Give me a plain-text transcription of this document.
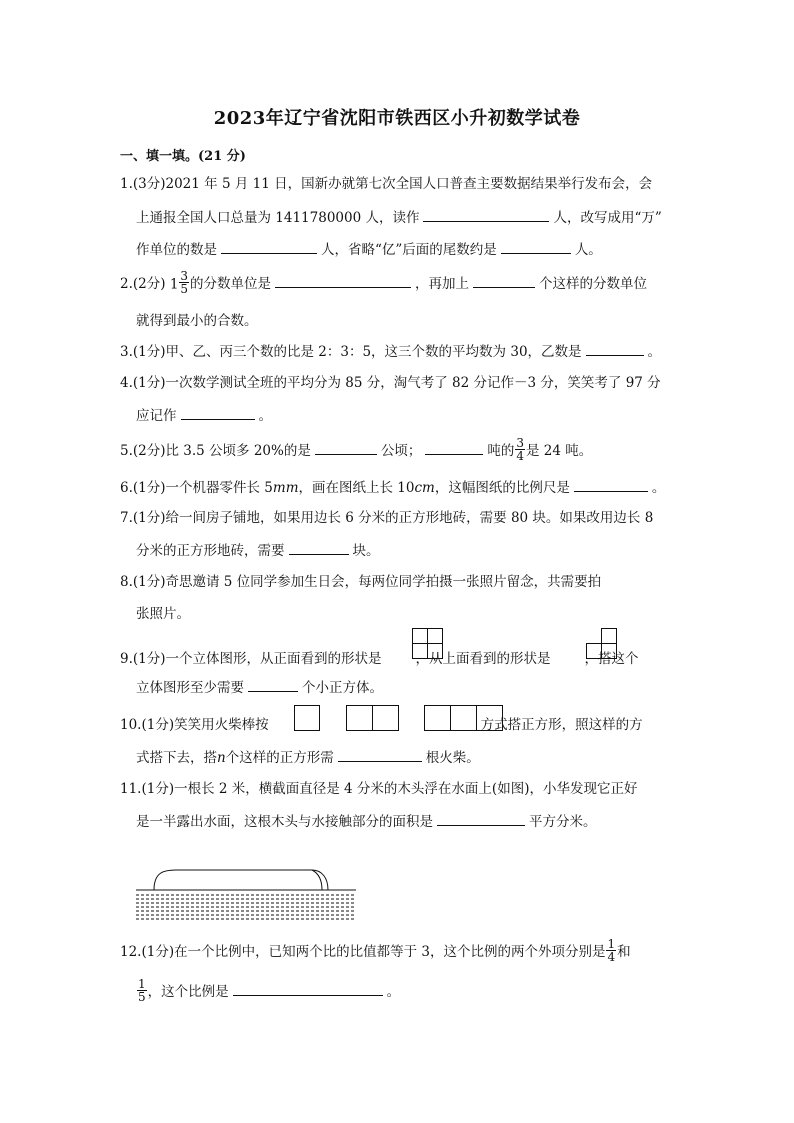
2023年辽宁省沈阳市铁西区小升初数学试卷
一、填一填。(21 分)
1.(3分)2021 年 5 月 11 日，国新办就第七次全国人口普查主要数据结果举行发布会，会
上通报全国人口总量为 1411780000 人，读作	人，改写成用“万”
作单位的数是	人，省略“亿”后面的尾数约是	人。
2.(2分) $1 \frac{3}{5}$ 的分数单位是	，再加上	个这样的分数单位
就得到最小的合数。
3.(1分)甲、乙、丙三个数的比是 2：3：5，这三个数的平均数为 30，乙数是	。
4.(1分)一次数学测试全班的平均分为 85 分，淘气考了 82 分记作－3 分，笑笑考了 97 分
应记作	。
5.(2分)比 3.5 公顷多 20%的是	公顷；	吨的 $\frac{3}{4}$ 是 24 吨。
6.(1分)一个机器零件长 5mm，画在图纸上长 10cm，这幅图纸的比例尺是	。
7.(1分)给一间房子铺地，如果用边长 6 分米的正方形地砖，需要 80 块。如果改用边长 8
分米的正方形地砖，需要	块。
8.(1分)奇思邀请 5 位同学参加生日会，每两位同学拍摄一张照片留念，共需要拍
张照片。
9.(1分)一个立体图形，从正面看到的形状是	，从上面看到的形状是	，搭这个
立体图形至少需要	个小正方体。
10.(1分)笑笑用火柴棒按	方式搭正方形，照这样的方
式搭下去，搭n个这样的正方形需	根火柴。
11.(1分)一根长 2 米，横截面直径是 4 分米的木头浮在水面上(如图)，小华发现它正好
是一半露出水面，这根木头与水接触部分的面积是	平方分米。
12.(1分)在一个比例中，已知两个比的比值都等于 3，这个比例的两个外项分别是 $\frac{1}{4}$ 和
$\frac{1}{5}$ ，这个比例是	。
